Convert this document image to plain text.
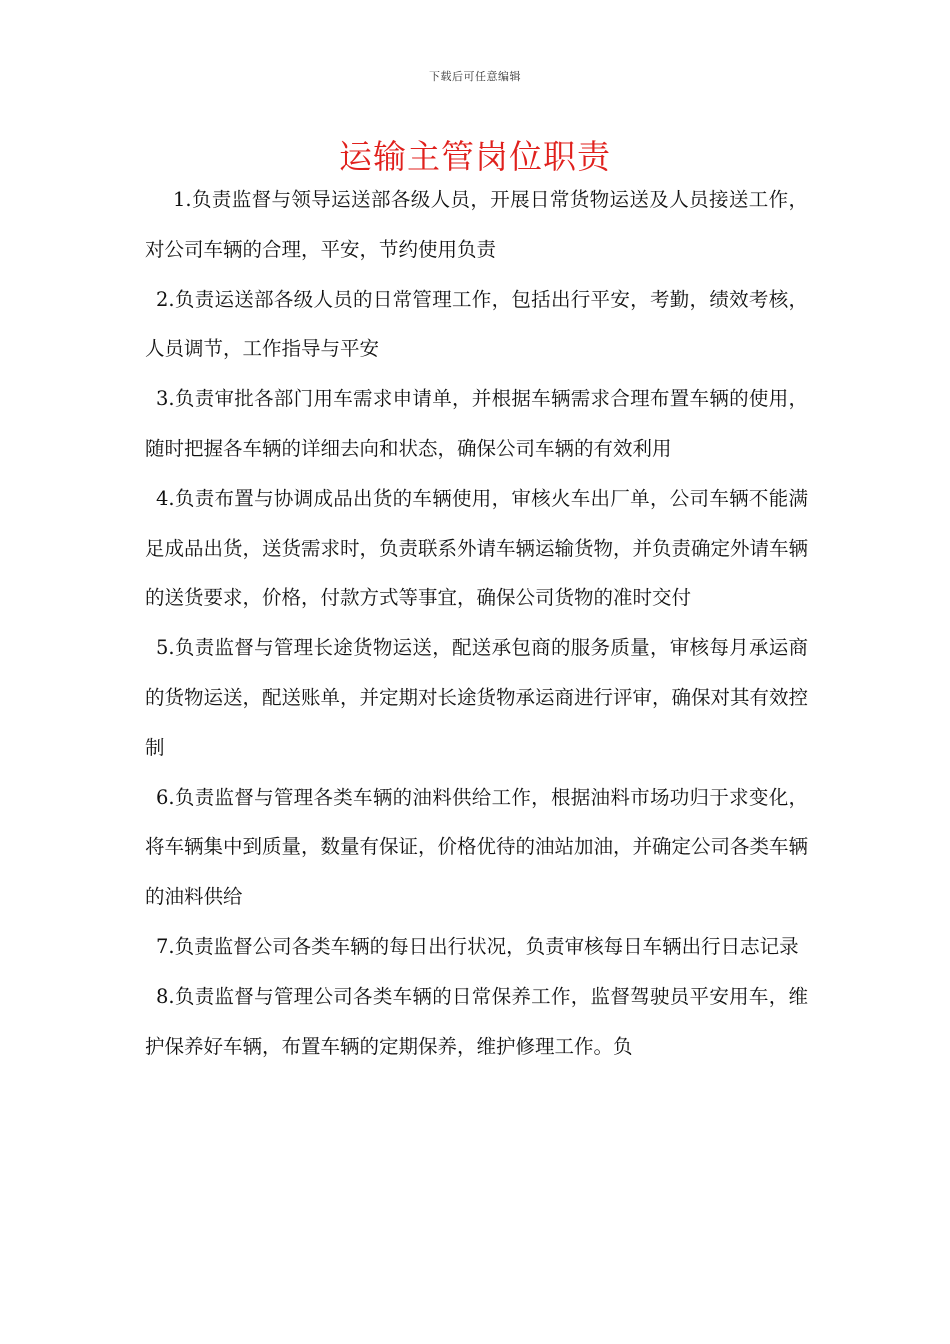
下载后可任意编辑
运输主管岗位职责

1.负责监督与领导运送部各级人员，开展日常货物运送及人员接送工作，对公司车辆的合理，平安，节约使用负责

2.负责运送部各级人员的日常管理工作，包括出行平安，考勤，绩效考核，人员调节，工作指导与平安

3.负责审批各部门用车需求申请单，并根据车辆需求合理布置车辆的使用，随时把握各车辆的详细去向和状态，确保公司车辆的有效利用

4.负责布置与协调成品出货的车辆使用，审核火车出厂单，公司车辆不能满足成品出货，送货需求时，负责联系外请车辆运输货物，并负责确定外请车辆的送货要求，价格，付款方式等事宜，确保公司货物的准时交付

5.负责监督与管理长途货物运送，配送承包商的服务质量，审核每月承运商的货物运送，配送账单，并定期对长途货物承运商进行评审，确保对其有效控制

6.负责监督与管理各类车辆的油料供给工作，根据油料市场功归于求变化，将车辆集中到质量，数量有保证，价格优待的油站加油，并确定公司各类车辆的油料供给

7.负责监督公司各类车辆的每日出行状况，负责审核每日车辆出行日志记录

8.负责监督与管理公司各类车辆的日常保养工作，监督驾驶员平安用车，维护保养好车辆，布置车辆的定期保养，维护修理工作。负
